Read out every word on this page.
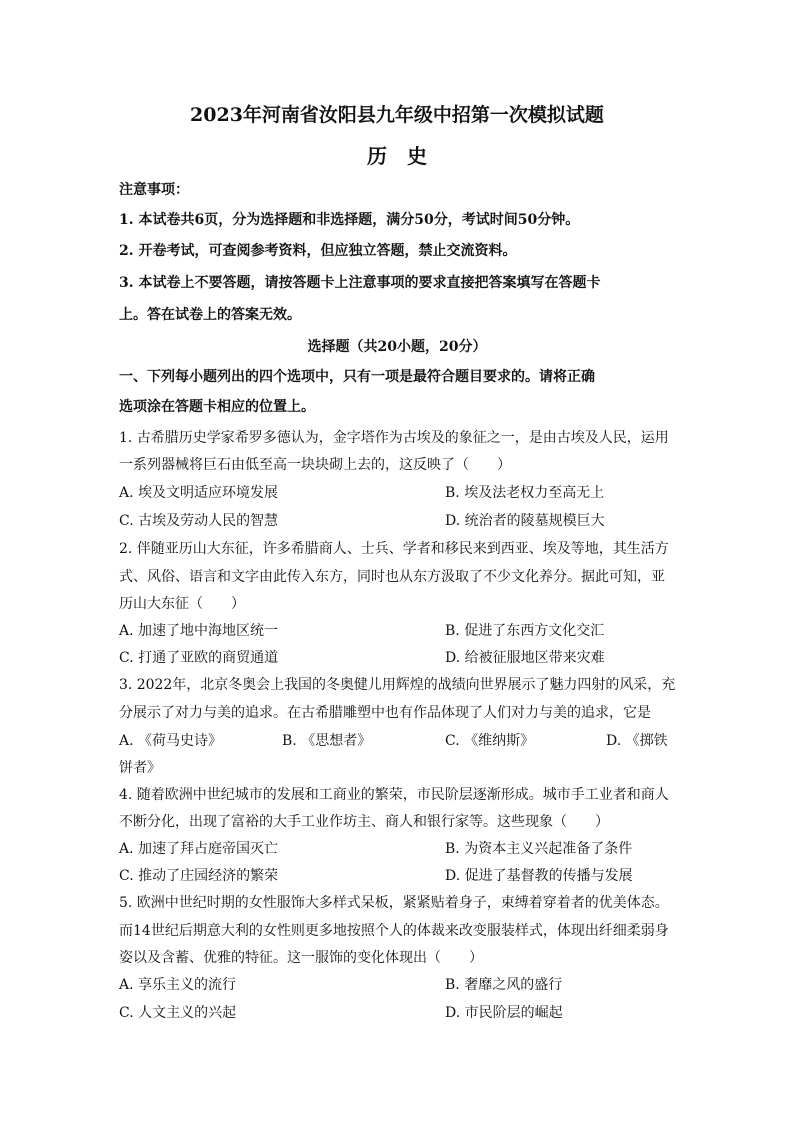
2023年河南省汝阳县九年级中招第一次模拟试题
历　史
注意事项：
1. 本试卷共6页，分为选择题和非选择题，满分50分，考试时间50分钟。
2. 开卷考试，可查阅参考资料，但应独立答题，禁止交流资料。
3. 本试卷上不要答题，请按答题卡上注意事项的要求直接把答案填写在答题卡
上。答在试卷上的答案无效。
选择题（共20小题，20分）
一、下列每小题列出的四个选项中，只有一项是最符合题目要求的。请将正确
选项涂在答题卡相应的位置上。
1. 古希腊历史学家希罗多德认为，金字塔作为古埃及的象征之一，是由古埃及人民，运用
一系列器械将巨石由低至高一块块砌上去的，这反映了（　　）
A. 埃及文明适应环境发展	B. 埃及法老权力至高无上
C. 古埃及劳动人民的智慧	D. 统治者的陵墓规模巨大
2. 伴随亚历山大东征，许多希腊商人、士兵、学者和移民来到西亚、埃及等地，其生活方
式、风俗、语言和文字由此传入东方，同时也从东方汲取了不少文化养分。据此可知，亚
历山大东征（　　）
A. 加速了地中海地区统一	B. 促进了东西方文化交汇
C. 打通了亚欧的商贸通道	D. 给被征服地区带来灾难
3. 2022年，北京冬奥会上我国的冬奥健儿用辉煌的战绩向世界展示了魅力四射的风采，充
分展示了对力与美的追求。在古希腊雕塑中也有作品体现了人们对力与美的追求，它是
A. 《荷马史诗》	B. 《思想者》	C. 《维纳斯》	D. 《掷铁
饼者》
4. 随着欧洲中世纪城市的发展和工商业的繁荣，市民阶层逐渐形成。城市手工业者和商人
不断分化，出现了富裕的大手工业作坊主、商人和银行家等。这些现象（　　）
A. 加速了拜占庭帝国灭亡	B. 为资本主义兴起准备了条件
C. 推动了庄园经济的繁荣	D. 促进了基督教的传播与发展
5. 欧洲中世纪时期的女性服饰大多样式呆板，紧紧贴着身子，束缚着穿着者的优美体态。
而14世纪后期意大利的女性则更多地按照个人的体裁来改变服装样式，体现出纤细柔弱身
姿以及含蓄、优雅的特征。这一服饰的变化体现出（　　）
A. 享乐主义的流行	B. 奢靡之风的盛行
C. 人文主义的兴起	D. 市民阶层的崛起
